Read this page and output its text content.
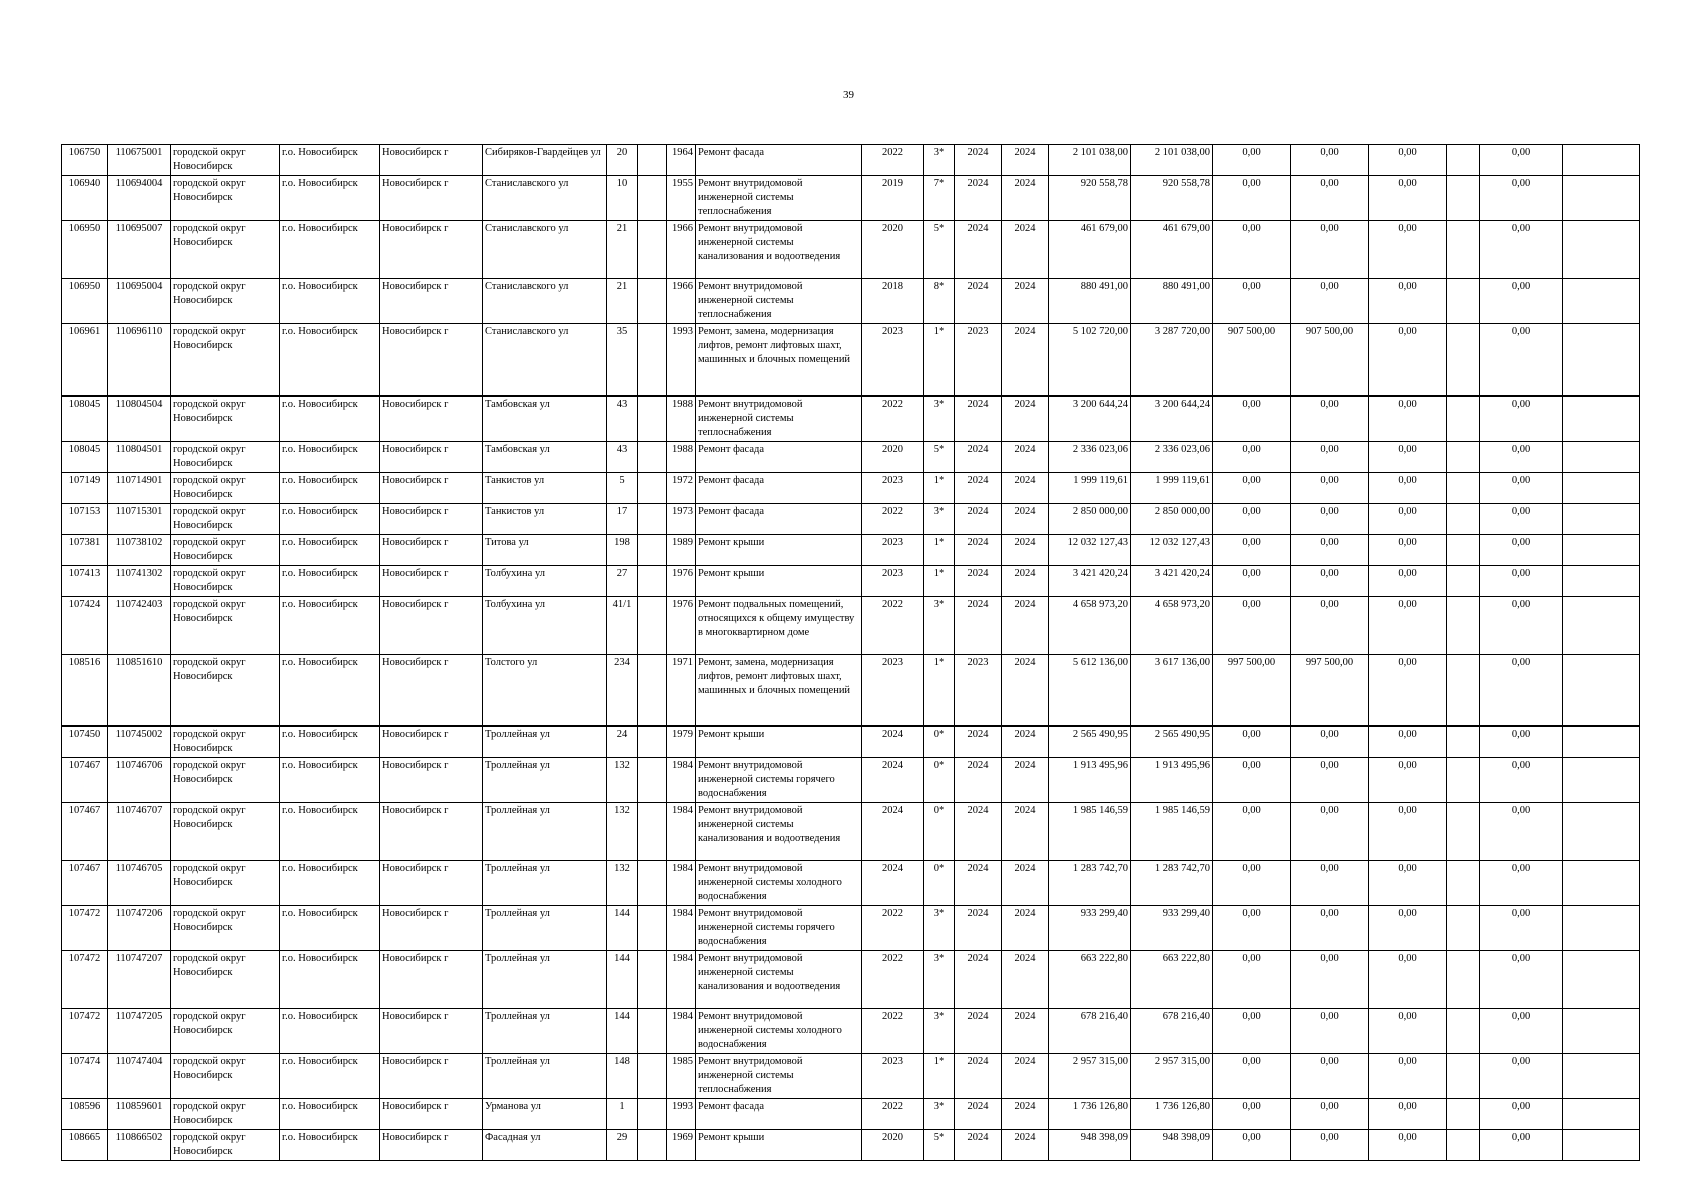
39
106750	110675001	городской округ Новосибирск	г.о. Новосибирск	Новосибирск г	Сибиряков-Гвардейцев ул	20		1964	Ремонт фасада	2022	3*	2024	2024	2 101 038,00	2 101 038,00	0,00	0,00	0,00		0,00	
106940	110694004	городской округ Новосибирск	г.о. Новосибирск	Новосибирск г	Станиславского ул	10		1955	Ремонт внутридомовой инженерной системы теплоснабжения	2019	7*	2024	2024	920 558,78	920 558,78	0,00	0,00	0,00		0,00	
106950	110695007	городской округ Новосибирск	г.о. Новосибирск	Новосибирск г	Станиславского ул	21		1966	Ремонт внутридомовой инженерной системы канализования и водоотведения	2020	5*	2024	2024	461 679,00	461 679,00	0,00	0,00	0,00		0,00	
106950	110695004	городской округ Новосибирск	г.о. Новосибирск	Новосибирск г	Станиславского ул	21		1966	Ремонт внутридомовой инженерной системы теплоснабжения	2018	8*	2024	2024	880 491,00	880 491,00	0,00	0,00	0,00		0,00	
106961	110696110	городской округ Новосибирск	г.о. Новосибирск	Новосибирск г	Станиславского ул	35		1993	Ремонт, замена, модернизация лифтов, ремонт лифтовых шахт, машинных и блочных помещений	2023	1*	2023	2024	5 102 720,00	3 287 720,00	907 500,00	907 500,00	0,00		0,00	
108045	110804504	городской округ Новосибирск	г.о. Новосибирск	Новосибирск г	Тамбовская ул	43		1988	Ремонт внутридомовой инженерной системы теплоснабжения	2022	3*	2024	2024	3 200 644,24	3 200 644,24	0,00	0,00	0,00		0,00	
108045	110804501	городской округ Новосибирск	г.о. Новосибирск	Новосибирск г	Тамбовская ул	43		1988	Ремонт фасада	2020	5*	2024	2024	2 336 023,06	2 336 023,06	0,00	0,00	0,00		0,00	
107149	110714901	городской округ Новосибирск	г.о. Новосибирск	Новосибирск г	Танкистов ул	5		1972	Ремонт фасада	2023	1*	2024	2024	1 999 119,61	1 999 119,61	0,00	0,00	0,00		0,00	
107153	110715301	городской округ Новосибирск	г.о. Новосибирск	Новосибирск г	Танкистов ул	17		1973	Ремонт фасада	2022	3*	2024	2024	2 850 000,00	2 850 000,00	0,00	0,00	0,00		0,00	
107381	110738102	городской округ Новосибирск	г.о. Новосибирск	Новосибирск г	Титова ул	198		1989	Ремонт крыши	2023	1*	2024	2024	12 032 127,43	12 032 127,43	0,00	0,00	0,00		0,00	
107413	110741302	городской округ Новосибирск	г.о. Новосибирск	Новосибирск г	Толбухина ул	27		1976	Ремонт крыши	2023	1*	2024	2024	3 421 420,24	3 421 420,24	0,00	0,00	0,00		0,00	
107424	110742403	городской округ Новосибирск	г.о. Новосибирск	Новосибирск г	Толбухина ул	41/1		1976	Ремонт подвальных помещений, относящихся к общему имуществу в многоквартирном доме	2022	3*	2024	2024	4 658 973,20	4 658 973,20	0,00	0,00	0,00		0,00	
108516	110851610	городской округ Новосибирск	г.о. Новосибирск	Новосибирск г	Толстого ул	234		1971	Ремонт, замена, модернизация лифтов, ремонт лифтовых шахт, машинных и блочных помещений	2023	1*	2023	2024	5 612 136,00	3 617 136,00	997 500,00	997 500,00	0,00		0,00	
107450	110745002	городской округ Новосибирск	г.о. Новосибирск	Новосибирск г	Троллейная ул	24		1979	Ремонт крыши	2024	0*	2024	2024	2 565 490,95	2 565 490,95	0,00	0,00	0,00		0,00	
107467	110746706	городской округ Новосибирск	г.о. Новосибирск	Новосибирск г	Троллейная ул	132		1984	Ремонт внутридомовой инженерной системы горячего водоснабжения	2024	0*	2024	2024	1 913 495,96	1 913 495,96	0,00	0,00	0,00		0,00	
107467	110746707	городской округ Новосибирск	г.о. Новосибирск	Новосибирск г	Троллейная ул	132		1984	Ремонт внутридомовой инженерной системы канализования и водоотведения	2024	0*	2024	2024	1 985 146,59	1 985 146,59	0,00	0,00	0,00		0,00	
107467	110746705	городской округ Новосибирск	г.о. Новосибирск	Новосибирск г	Троллейная ул	132		1984	Ремонт внутридомовой инженерной системы холодного водоснабжения	2024	0*	2024	2024	1 283 742,70	1 283 742,70	0,00	0,00	0,00		0,00	
107472	110747206	городской округ Новосибирск	г.о. Новосибирск	Новосибирск г	Троллейная ул	144		1984	Ремонт внутридомовой инженерной системы горячего водоснабжения	2022	3*	2024	2024	933 299,40	933 299,40	0,00	0,00	0,00		0,00	
107472	110747207	городской округ Новосибирск	г.о. Новосибирск	Новосибирск г	Троллейная ул	144		1984	Ремонт внутридомовой инженерной системы канализования и водоотведения	2022	3*	2024	2024	663 222,80	663 222,80	0,00	0,00	0,00		0,00	
107472	110747205	городской округ Новосибирск	г.о. Новосибирск	Новосибирск г	Троллейная ул	144		1984	Ремонт внутридомовой инженерной системы холодного водоснабжения	2022	3*	2024	2024	678 216,40	678 216,40	0,00	0,00	0,00		0,00	
107474	110747404	городской округ Новосибирск	г.о. Новосибирск	Новосибирск г	Троллейная ул	148		1985	Ремонт внутридомовой инженерной системы теплоснабжения	2023	1*	2024	2024	2 957 315,00	2 957 315,00	0,00	0,00	0,00		0,00	
108596	110859601	городской округ Новосибирск	г.о. Новосибирск	Новосибирск г	Урманова ул	1		1993	Ремонт фасада	2022	3*	2024	2024	1 736 126,80	1 736 126,80	0,00	0,00	0,00		0,00	
108665	110866502	городской округ Новосибирск	г.о. Новосибирск	Новосибирск г	Фасадная ул	29		1969	Ремонт крыши	2020	5*	2024	2024	948 398,09	948 398,09	0,00	0,00	0,00		0,00	
